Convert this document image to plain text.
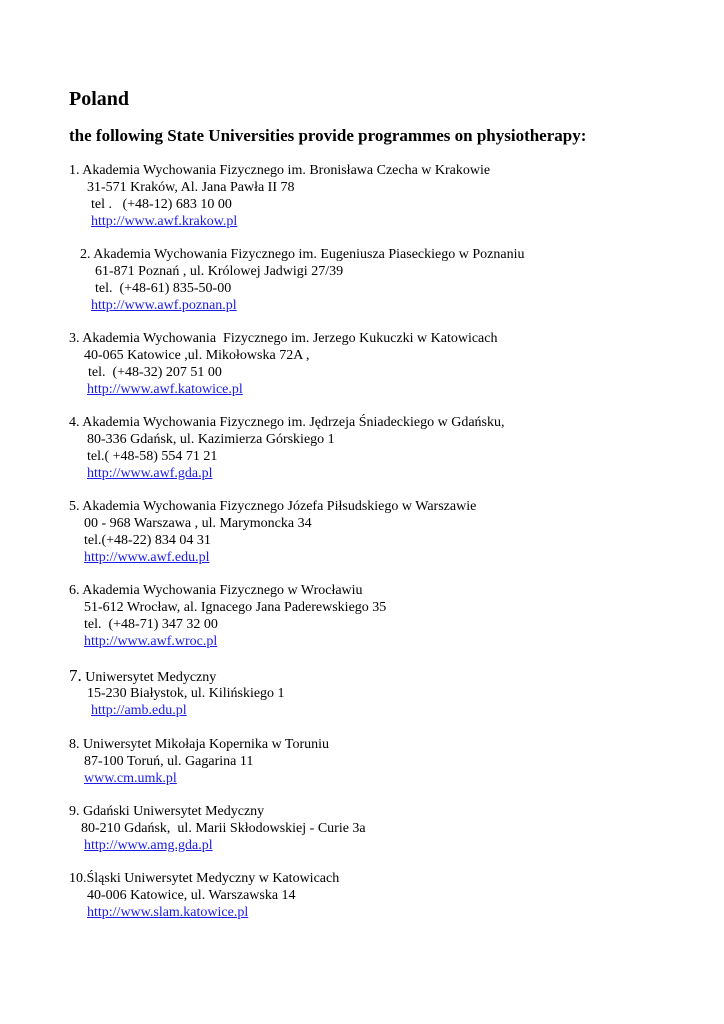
Poland
the following State Universities provide programmes on physiotherapy:
1. Akademia Wychowania Fizycznego im. Bronisława Czecha w Krakowie
31-571 Kraków, Al. Jana Pawła II 78
tel .   (+48-12) 683 10 00
http://www.awf.krakow.pl
2. Akademia Wychowania Fizycznego im. Eugeniusza Piaseckiego w Poznaniu
61-871 Poznań , ul. Królowej Jadwigi 27/39
tel.  (+48-61) 835-50-00
http://www.awf.poznan.pl
3. Akademia Wychowania  Fizycznego im. Jerzego Kukuczki w Katowicach
40-065 Katowice ,ul. Mikołowska 72A ,
tel.  (+48-32) 207 51 00
http://www.awf.katowice.pl
4. Akademia Wychowania Fizycznego im. Jędrzeja Śniadeckiego w Gdańsku,
80-336 Gdańsk, ul. Kazimierza Górskiego 1
tel.( +48-58) 554 71 21
http://www.awf.gda.pl
5. Akademia Wychowania Fizycznego Józefa Piłsudskiego w Warszawie
00 - 968 Warszawa , ul. Marymoncka 34
tel.(+48-22) 834 04 31
http://www.awf.edu.pl
6. Akademia Wychowania Fizycznego w Wrocławiu
51-612 Wrocław, al. Ignacego Jana Paderewskiego 35
tel.  (+48-71) 347 32 00
http://www.awf.wroc.pl
7. Uniwersytet Medyczny
15-230 Białystok, ul. Kilińskiego 1
http://amb.edu.pl
8. Uniwersytet Mikołaja Kopernika w Toruniu
87-100 Toruń, ul. Gagarina 11
www.cm.umk.pl
9. Gdański Uniwersytet Medyczny
80-210 Gdańsk,  ul. Marii Skłodowskiej - Curie 3a
http://www.amg.gda.pl
10.Śląski Uniwersytet Medyczny w Katowicach
40-006 Katowice, ul. Warszawska 14
http://www.slam.katowice.pl
